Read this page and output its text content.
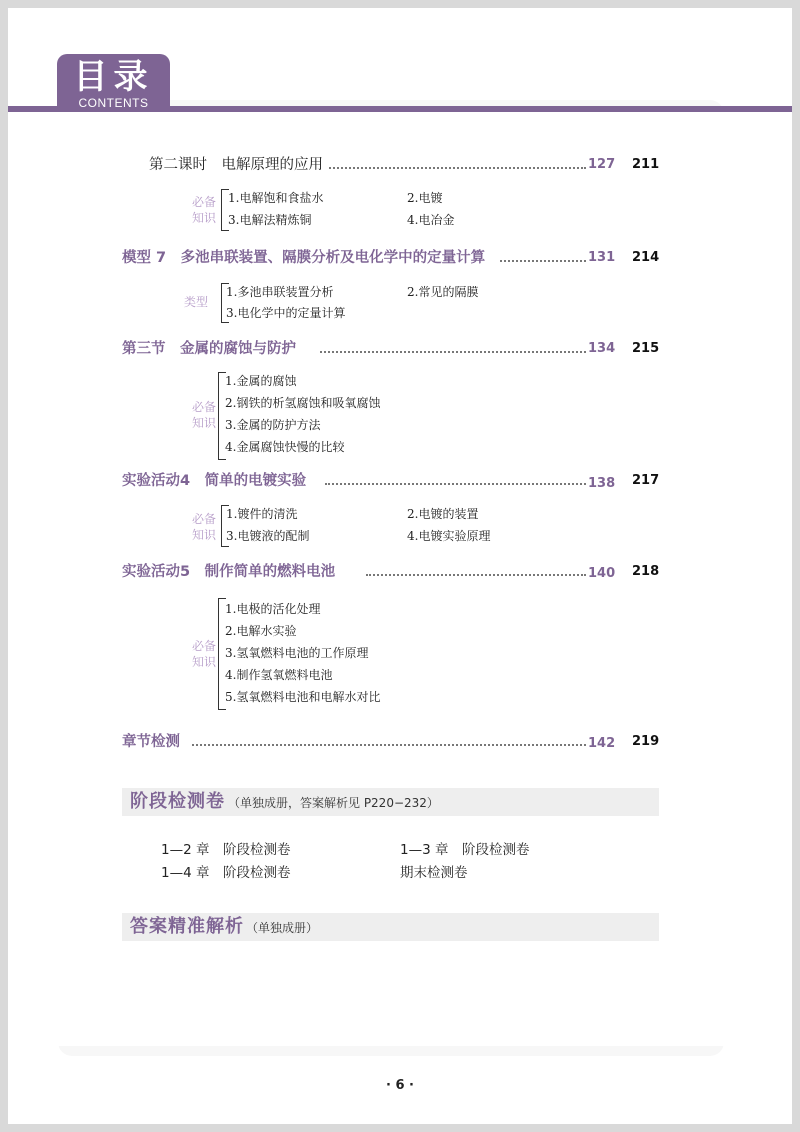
目录
CONTENTS
第二课时　电解原理的应用	127	211
必备
知识
1.电解饱和食盐水	2.电镀
3.电解法精炼铜	4.电冶金
模型 7　多池串联装置、隔膜分析及电化学中的定量计算	131	214
类型
1.多池串联装置分析	2.常见的隔膜
3.电化学中的定量计算
第三节　金属的腐蚀与防护	134	215
必备
知识
1.金属的腐蚀
2.钢铁的析氢腐蚀和吸氧腐蚀
3.金属的防护方法
4.金属腐蚀快慢的比较
实验活动4　简单的电镀实验	138	217
必备
知识
1.镀件的清洗	2.电镀的装置
3.电镀液的配制	4.电镀实验原理
实验活动5　制作简单的燃料电池	140	218
必备
知识
1.电极的活化处理
2.电解水实验
3.氢氧燃料电池的工作原理
4.制作氢氧燃料电池
5.氢氧燃料电池和电解水对比
章节检测	142	219
阶段检测卷 （单独成册，答案解析见 P220−232）
1—2 章　阶段检测卷	1—3 章　阶段检测卷
1—4 章　阶段检测卷	期末检测卷
答案精准解析 （单独成册）
· 6 ·
